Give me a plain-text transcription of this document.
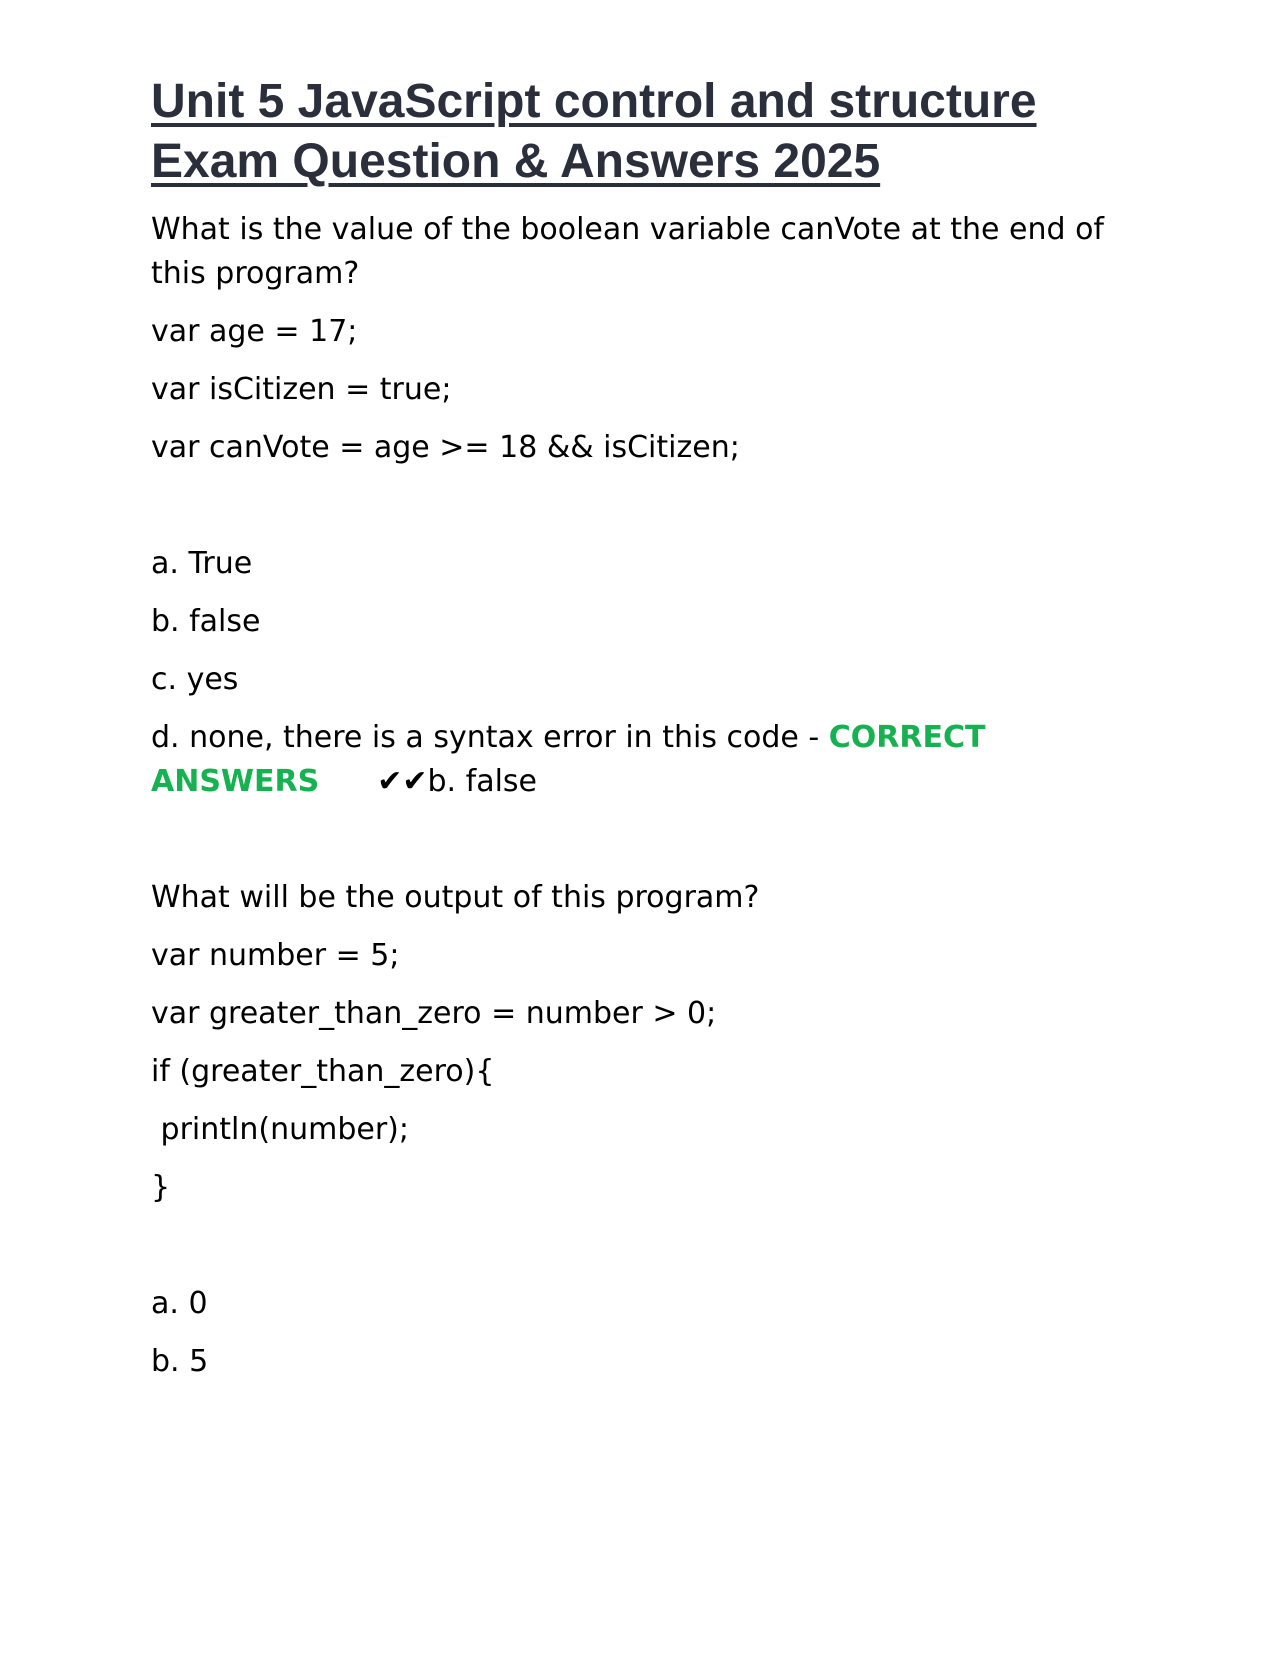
Unit 5 JavaScript control and structure
Exam Question & Answers 2025

What is the value of the boolean variable canVote at the end of this program?

var age = 17;

var isCitizen = true;

var canVote = age >= 18 && isCitizen;

a. True

b. false

c. yes

d. none, there is a syntax error in this code - CORRECT ANSWERS ✔✔b. false

What will be the output of this program?

var number = 5;

var greater_than_zero = number > 0;

if (greater_than_zero){

println(number);

}

a. 0

b. 5
